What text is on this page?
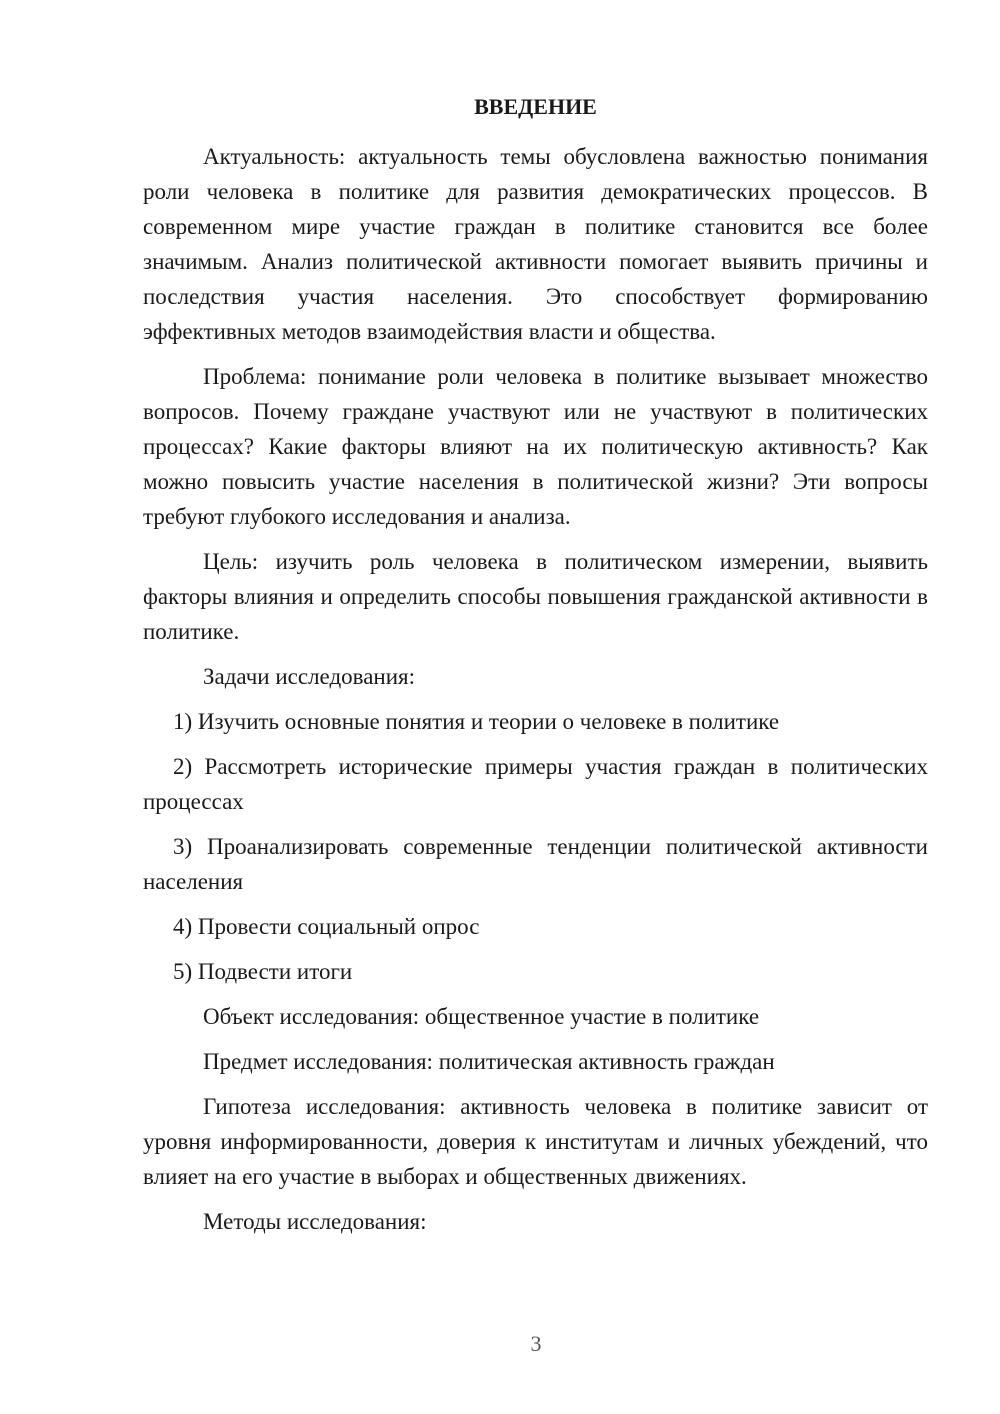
ВВЕДЕНИЕ

Актуальность: актуальность темы обусловлена важностью понимания роли человека в политике для развития демократических процессов. В современном мире участие граждан в политике становится все более значимым. Анализ политической активности помогает выявить причины и последствия участия населения. Это способствует формированию эффективных методов взаимодействия власти и общества.

Проблема: понимание роли человека в политике вызывает множество вопросов. Почему граждане участвуют или не участвуют в политических процессах? Какие факторы влияют на их политическую активность? Как можно повысить участие населения в политической жизни? Эти вопросы требуют глубокого исследования и анализа.

Цель: изучить роль человека в политическом измерении, выявить факторы влияния и определить способы повышения гражданской активности в политике.

Задачи исследования:

1) Изучить основные понятия и теории о человеке в политике

2) Рассмотреть исторические примеры участия граждан в политических процессах

3) Проанализировать современные тенденции политической активности населения

4) Провести социальный опрос

5) Подвести итоги

Объект исследования: общественное участие в политике

Предмет исследования: политическая активность граждан

Гипотеза исследования: активность человека в политике зависит от уровня информированности, доверия к институтам и личных убеждений, что влияет на его участие в выборах и общественных движениях.

Методы исследования:

3
